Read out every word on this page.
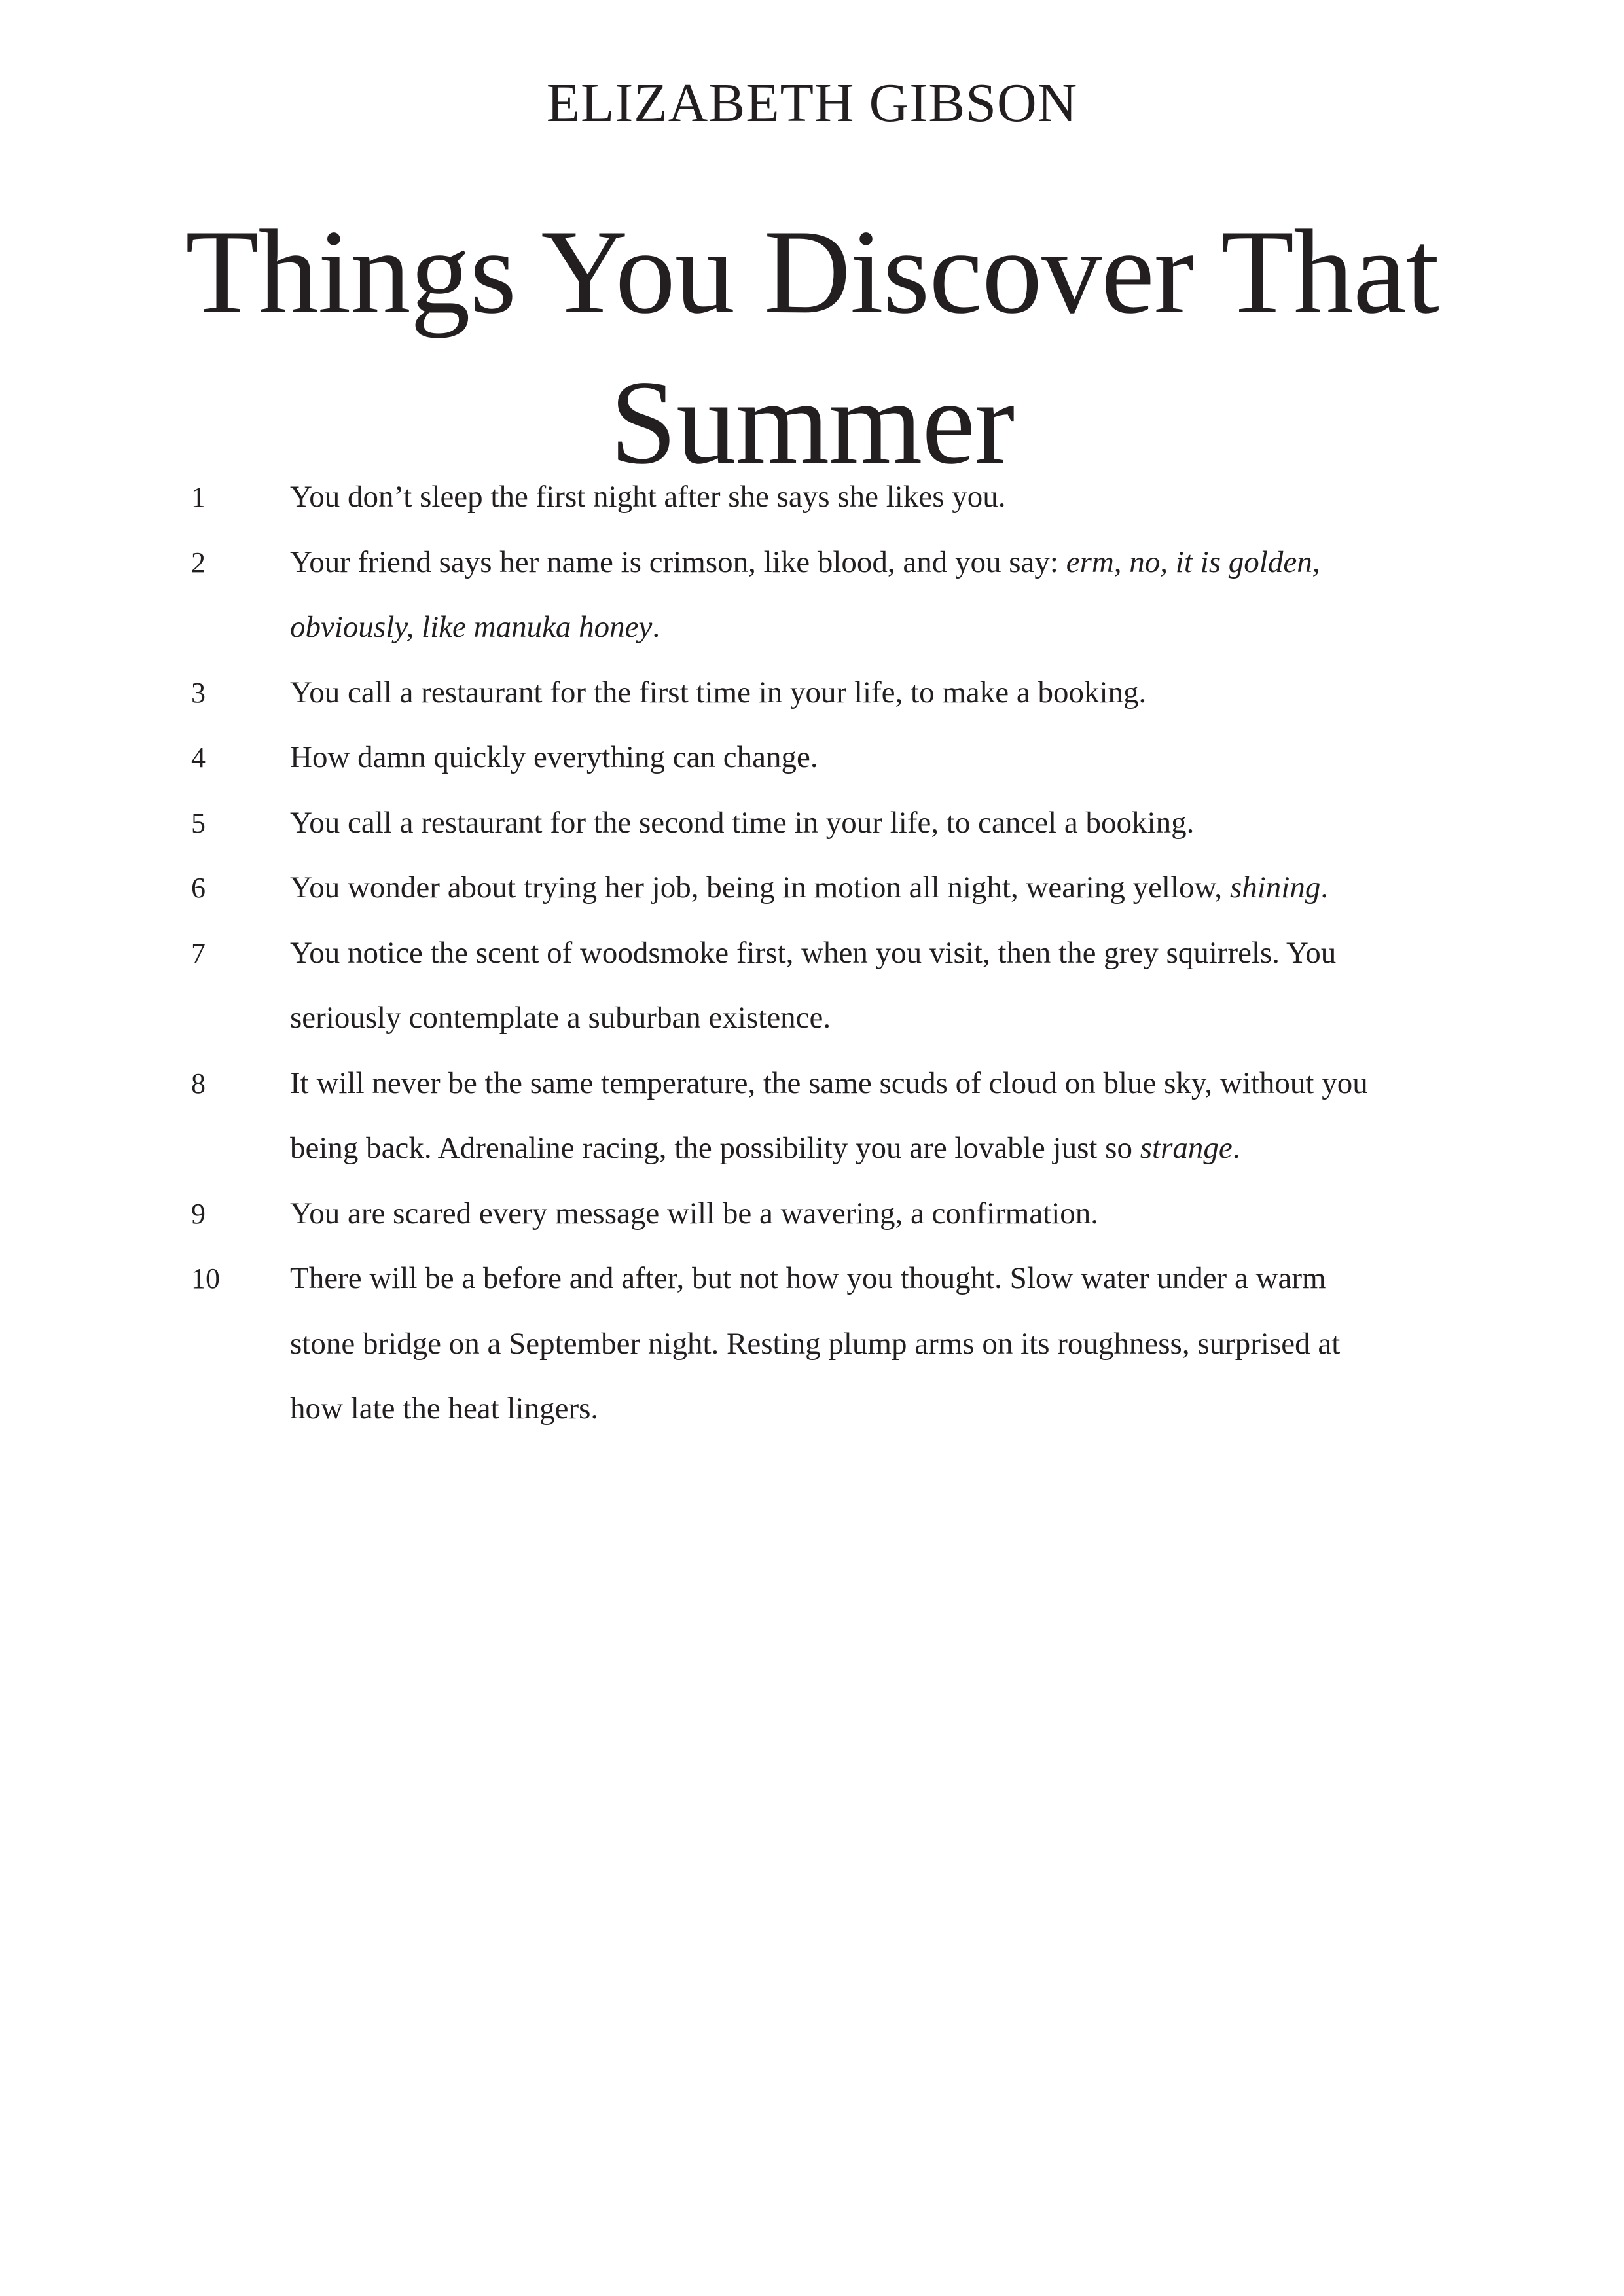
ELIZABETH GIBSON
Things You Discover That Summer
1	You don’t sleep the first night after she says she likes you.
2	Your friend says her name is crimson, like blood, and you say: erm, no, it is golden, obviously, like manuka honey.
3	You call a restaurant for the first time in your life, to make a booking.
4	How damn quickly everything can change.
5	You call a restaurant for the second time in your life, to cancel a booking.
6	You wonder about trying her job, being in motion all night, wearing yellow, shining.
7	You notice the scent of woodsmoke first, when you visit, then the grey squirrels. You seriously contemplate a suburban existence.
8	It will never be the same temperature, the same scuds of cloud on blue sky, without you being back. Adrenaline racing, the possibility you are lovable just so strange.
9	You are scared every message will be a wavering, a confirmation.
10	There will be a before and after, but not how you thought. Slow water under a warm stone bridge on a September night. Resting plump arms on its roughness, surprised at how late the heat lingers.
